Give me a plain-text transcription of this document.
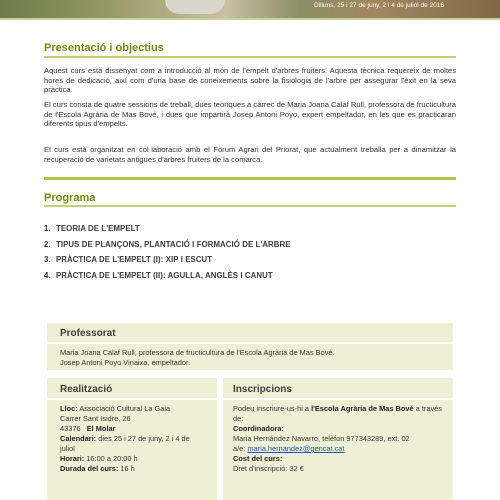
Dilluns, 25 i 27 de juny, 2 i 4 de juliol de 2016
Presentació i objectius

Aquest curs està dissenyat com a introducció al món de l'empelt d'arbres fruiters. Aquesta tècnica requereix de moltes hores de dedicació, així com d'una base de coneixements sobre la fisiologia de l'arbre per assegurar l'èxit en la seva pràctica.

El curs consta de quatre sessions de treball, dues teòriques a càrrec de Maria Joana Calaf Rull, professora de fructicultura de l'Escola Agrària de Mas Bové, i dues que impartirà Josep Antoni Poyo, expert empeltador, en les que es practicaran diferents tipus d'empelts.

El curs està organitzat en col·laboració amb el Fòrum Agrari del Priorat, que actualment treballa per a dinamitzar la recuperació de varietats antigues d'arbres fruiters de la comarca.

Programa
1. TEORIA DE L'EMPELT
2. TIPUS DE PLANÇONS, PLANTACIÓ I FORMACIÓ DE L'ARBRE
3. PRÀCTICA DE L'EMPELT (I): XIP I ESCUT
4. PRÀCTICA DE L'EMPELT (II): AGULLA, ANGLÈS I CANUT
Professorat
Maria Joana Calaf Rull, professora de fructicultura de l'Escola Agrària de Mas Bové.
Josep Antoni Poyo Vinaixa, empeltador.
Realització
Lloc: Associació Cultural La Gaia
Carrer Sant Isidre, 26
43376 El Molar
Calendari: dies 25 i 27 de juny, 2 i 4 de juliol
Horari: 16:00 a 20:00 h
Durada del curs: 16 h
Inscripcions
Podeu inscriure-us-hi a l'Escola Agrària de Mas Bové a través de:
Coordinadora:
Maria Hernández Navarro, telèfon 977343289, ext. 02
a/e: maria.hernandez@gencat.cat
Cost del curs:
Dret d'inscripció: 32 €
